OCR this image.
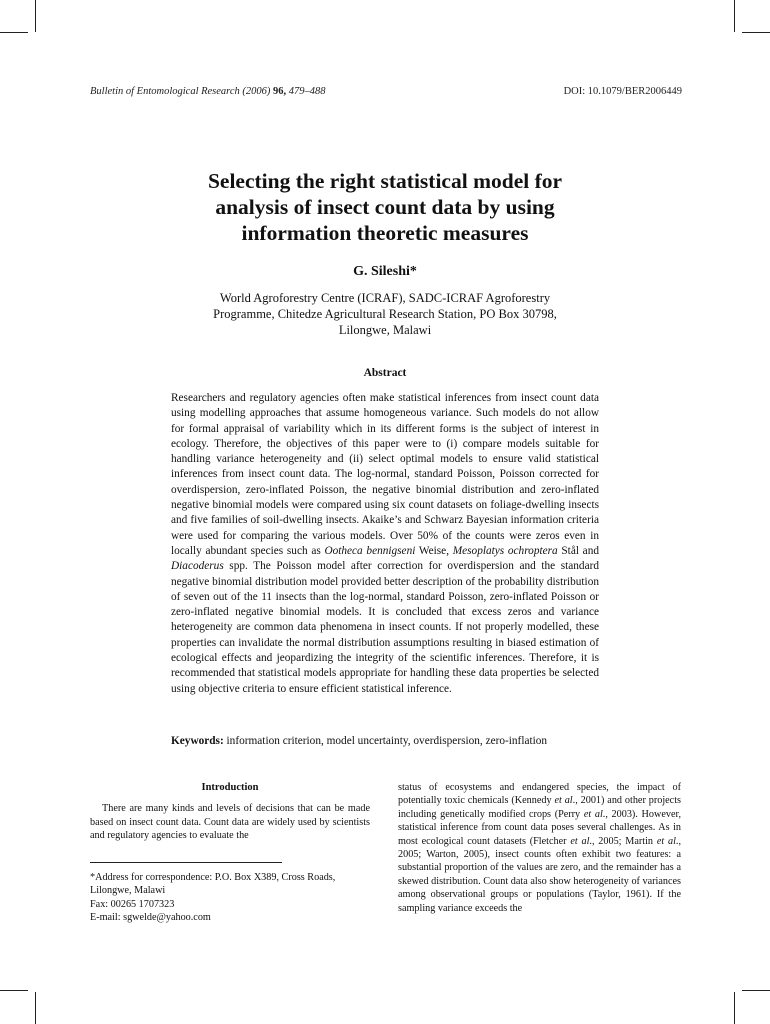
Bulletin of Entomological Research (2006) 96, 479–488	DOI: 10.1079/BER2006449
Selecting the right statistical model for
analysis of insect count data by using
information theoretic measures
G. Sileshi*
World Agroforestry Centre (ICRAF), SADC-ICRAF Agroforestry
Programme, Chitedze Agricultural Research Station, PO Box 30798,
Lilongwe, Malawi
Abstract

Researchers and regulatory agencies often make statistical inferences from insect count data using modelling approaches that assume homogeneous variance. Such models do not allow for formal appraisal of variability which in its different forms is the subject of interest in ecology. Therefore, the objectives of this paper were to (i) compare models suitable for handling variance heterogeneity and (ii) select optimal models to ensure valid statistical inferences from insect count data. The log-normal, standard Poisson, Poisson corrected for overdispersion, zero-inflated Poisson, the negative binomial distribution and zero-inflated negative binomial models were compared using six count datasets on foliage-dwelling insects and five families of soil-dwelling insects. Akaike’s and Schwarz Bayesian information criteria were used for comparing the various models. Over 50% of the counts were zeros even in locally abundant species such as Ootheca bennigseni Weise, Mesoplatys ochroptera Stål and Diacoderus spp. The Poisson model after correction for overdispersion and the standard negative binomial distribution model provided better description of the probability distribution of seven out of the 11 insects than the log-normal, standard Poisson, zero-inflated Poisson or zero-inflated negative binomial models. It is concluded that excess zeros and variance heterogeneity are common data phenomena in insect counts. If not properly modelled, these properties can invalidate the normal distribution assumptions resulting in biased estimation of ecological effects and jeopardizing the integrity of the scientific inferences. Therefore, it is recommended that statistical models appropriate for handling these data properties be selected using objective criteria to ensure efficient statistical inference.

Keywords: information criterion, model uncertainty, overdispersion, zero-inflation
Introduction

There are many kinds and levels of decisions that can be made based on insect count data. Count data are widely used by scientists and regulatory agencies to evaluate the

*Address for correspondence: P.O. Box X389, Cross Roads,
Lilongwe, Malawi
Fax: 00265 1707323
E-mail: sgwelde@yahoo.com

status of ecosystems and endangered species, the impact of potentially toxic chemicals (Kennedy et al., 2001) and other projects including genetically modified crops (Perry et al., 2003). However, statistical inference from count data poses several challenges. As in most ecological count datasets (Fletcher et al., 2005; Martin et al., 2005; Warton, 2005), insect counts often exhibit two features: a substantial proportion of the values are zero, and the remainder has a skewed distribution. Count data also show heterogeneity of variances among observational groups or populations (Taylor, 1961). If the sampling variance exceeds the
